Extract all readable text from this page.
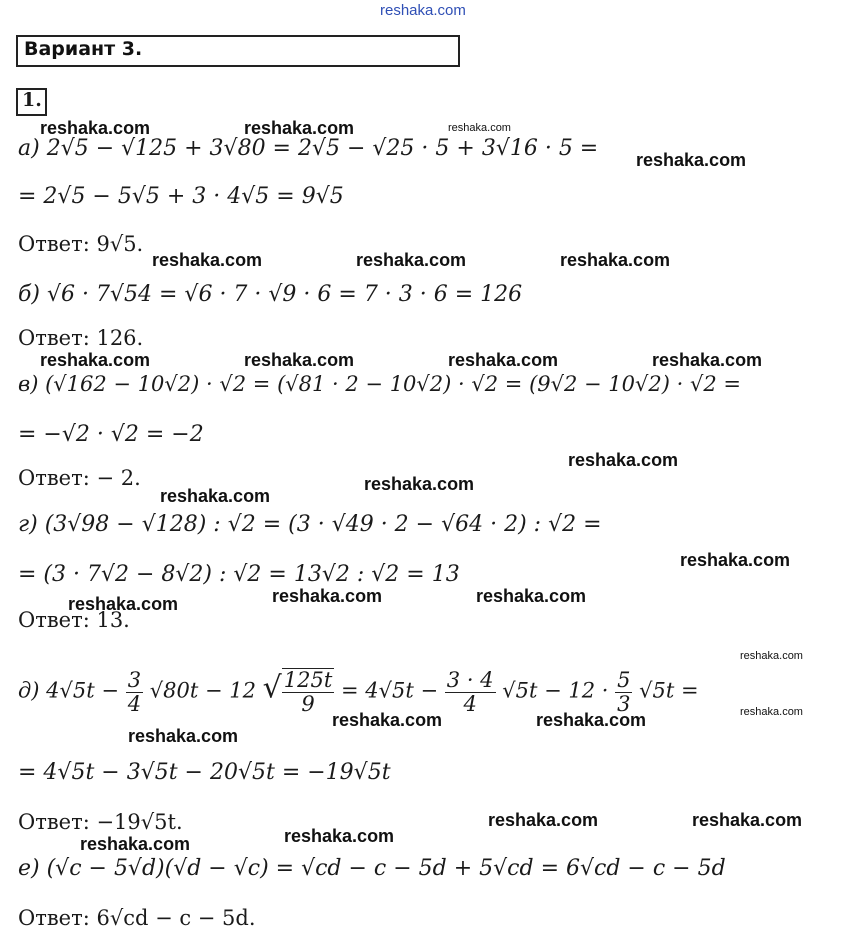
reshaka.com
Вариант 3.
1.
а) 2√5 − √125 + 3√80 = 2√5 − √25 · 5 + 3√16 · 5 =
= 2√5 − 5√5 + 3 · 4√5 = 9√5
Ответ: 9√5.
б) √6 · 7√54 = √6 · 7 · √9 · 6 = 7 · 3 · 6 = 126
Ответ: 126.
в) (√162 − 10√2) · √2 = (√81 · 2 − 10√2) · √2 = (9√2 − 10√2) · √2 =
= −√2 · √2 = −2
Ответ: − 2.
г) (3√98 − √128) : √2 = (3 · √49 · 2 − √64 · 2) : √2 =
= (3 · 7√2 − 8√2) : √2 = 13√2 : √2 = 13
Ответ: 13.
д) $4√5t - \frac{3}{4} √80t - 12$ √ $\frac{125t}{9} = 4√5t - \frac{3 \cdot 4}{4} √5t - 12 \cdot \frac{5}{3} √5t$ =
= 4√5t − 3√5t − 20√5t = −19√5t
Ответ: −19√5t.
е) (√c − 5√d)(√d − √c) = √cd − c − 5d + 5√cd = 6√cd − c − 5d
Ответ: 6√cd − c − 5d.
reshaka.com	reshaka.com	reshaka.com
reshaka.com
reshaka.com	reshaka.com	reshaka.com
reshaka.com	reshaka.com	reshaka.com	reshaka.com
reshaka.com
reshaka.com
reshaka.com
reshaka.com
reshaka.com	reshaka.com
reshaka.com
reshaka.com
reshaka.com
reshaka.com	reshaka.com
reshaka.com
reshaka.com	reshaka.com
reshaka.com
reshaka.com
